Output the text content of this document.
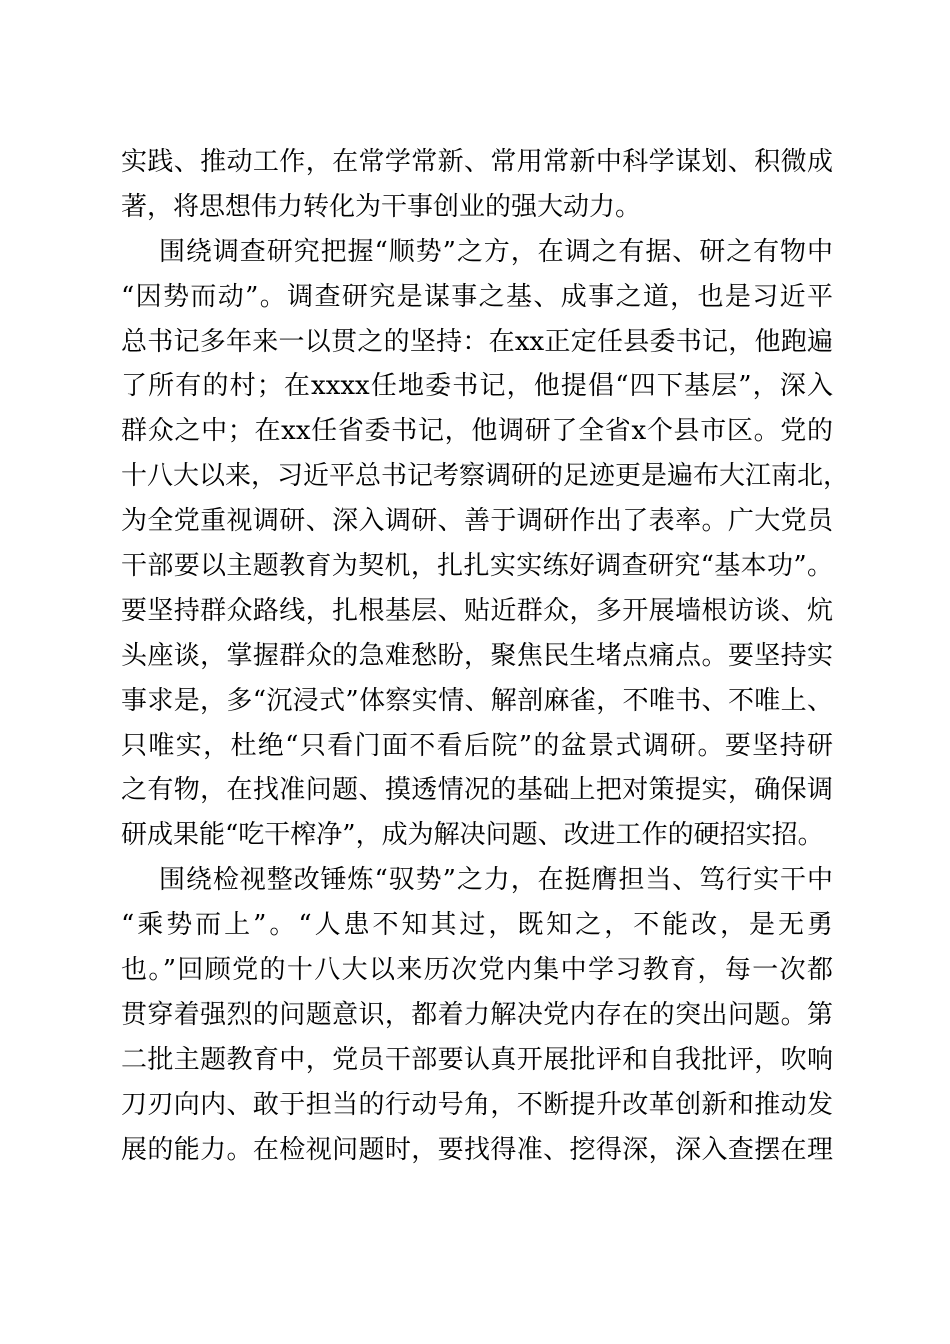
实践、推动工作，在常学常新、常用常新中科学谋划、积微成
著，将思想伟力转化为干事创业的强大动力。
围绕调查研究把握“顺势”之方，在调之有据、研之有物中
“因势而动”。调查研究是谋事之基、成事之道，也是习近平
总书记多年来一以贯之的坚持：在xx正定任县委书记，他跑遍
了所有的村；在xxxx任地委书记，他提倡“四下基层”，深入
群众之中；在xx任省委书记，他调研了全省x个县市区。党的
十八大以来，习近平总书记考察调研的足迹更是遍布大江南北，
为全党重视调研、深入调研、善于调研作出了表率。广大党员
干部要以主题教育为契机，扎扎实实练好调查研究“基本功”。
要坚持群众路线，扎根基层、贴近群众，多开展墙根访谈、炕
头座谈，掌握群众的急难愁盼，聚焦民生堵点痛点。要坚持实
事求是，多“沉浸式”体察实情、解剖麻雀，不唯书、不唯上、
只唯实，杜绝“只看门面不看后院”的盆景式调研。要坚持研
之有物，在找准问题、摸透情况的基础上把对策提实，确保调
研成果能“吃干榨净”，成为解决问题、改进工作的硬招实招。
围绕检视整改锤炼“驭势”之力，在挺膺担当、笃行实干中
“乘势而上”。“人患不知其过，既知之，不能改，是无勇
也。”回顾党的十八大以来历次党内集中学习教育，每一次都
贯穿着强烈的问题意识，都着力解决党内存在的突出问题。第
二批主题教育中，党员干部要认真开展批评和自我批评，吹响
刀刃向内、敢于担当的行动号角，不断提升改革创新和推动发
展的能力。在检视问题时，要找得准、挖得深，深入查摆在理
